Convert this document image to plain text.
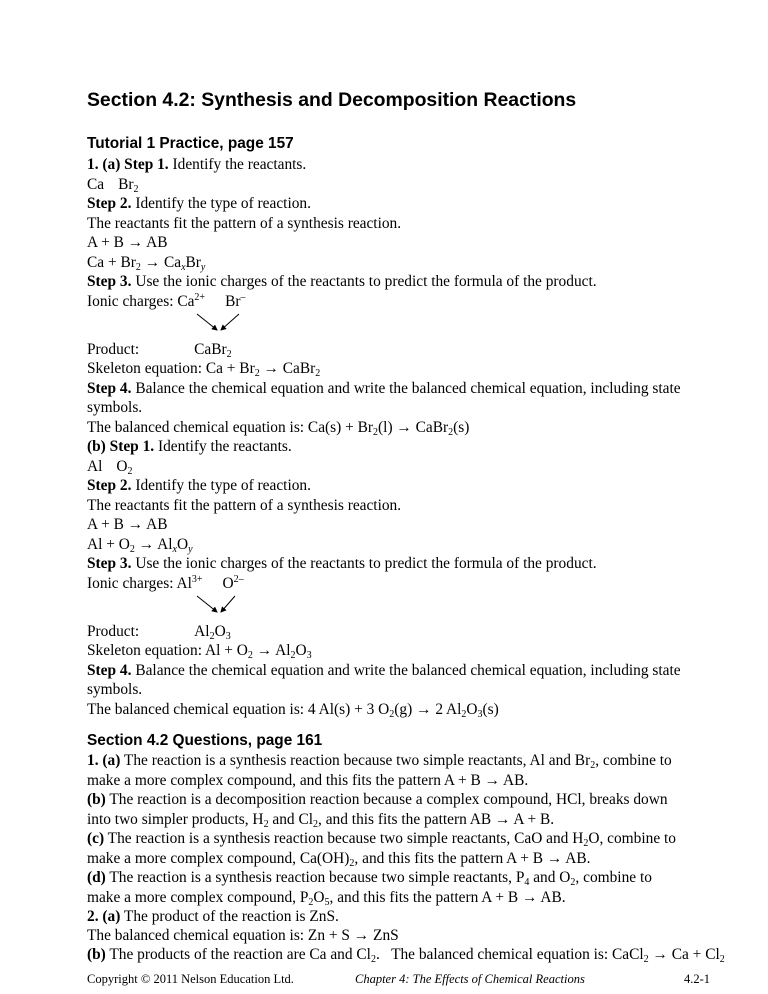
Section 4.2: Synthesis and Decomposition Reactions
Tutorial 1 Practice, page 157
1. (a) Step 1. Identify the reactants.
Ca $Br_2$
Step 2. Identify the type of reaction.
The reactants fit the pattern of a synthesis reaction.
A + B → AB
$Ca + Br_2 \to Ca_xBr_y$
Step 3. Use the ionic charges of the reactants to predict the formula of the product.
Ionic charges: $Ca^{2+}$ Br–
Product:	CaBr$_2$
Skeleton equation: $Ca + Br_2$ → CaBr$_2$
Step 4. Balance the chemical equation and write the balanced chemical equation, including state
symbols.
The balanced chemical equation is: $Ca(s) + Br_2(l)$ → CaBr$_2$(s)
(b) Step 1. Identify the reactants.
Al $O_2$
Step 2. Identify the type of reaction.
The reactants fit the pattern of a synthesis reaction.
A + B → AB
$Al + O_2 \to Al_xO_y$
Step 3. Use the ionic charges of the reactants to predict the formula of the product.
Ionic charges: $Al^{3+}$ $O^{2-}$
Product:	$Al_2O_3$
Skeleton equation: $Al + O_2 \to Al_2O_3$
Step 4. Balance the chemical equation and write the balanced chemical equation, including state
symbols.
The balanced chemical equation is: 4 Al(s) + 3 $O_2(g) \to 2$ $Al_2O_3(s)$
Section 4.2 Questions, page 161
1. (a) The reaction is a synthesis reaction because two simple reactants, Al and $Br_2$, combine to
make a more complex compound, and this fits the pattern A + B → AB.
(b) The reaction is a decomposition reaction because a complex compound, HCl, breaks down
into two simpler products, $H_2$ and $Cl_2$, and this fits the pattern AB → A + B.
(c) The reaction is a synthesis reaction because two simple reactants, CaO and $H_2O$, combine to
make a more complex compound, $Ca(OH)_2$, and this fits the pattern A + B → AB.
(d) The reaction is a synthesis reaction because two simple reactants, $P_4$ and $O_2$, combine to
make a more complex compound, $P_2O_5$, and this fits the pattern A + B → AB.
2. (a) The product of the reaction is ZnS.
The balanced chemical equation is: Zn + S → ZnS
(b) The products of the reaction are Ca and $Cl_2$. The balanced chemical equation is: CaCl$_2$ → $Ca + Cl_2$
Copyright © 2011 Nelson Education Ltd.	Chapter 4: The Effects of Chemical Reactions	4.2-1
